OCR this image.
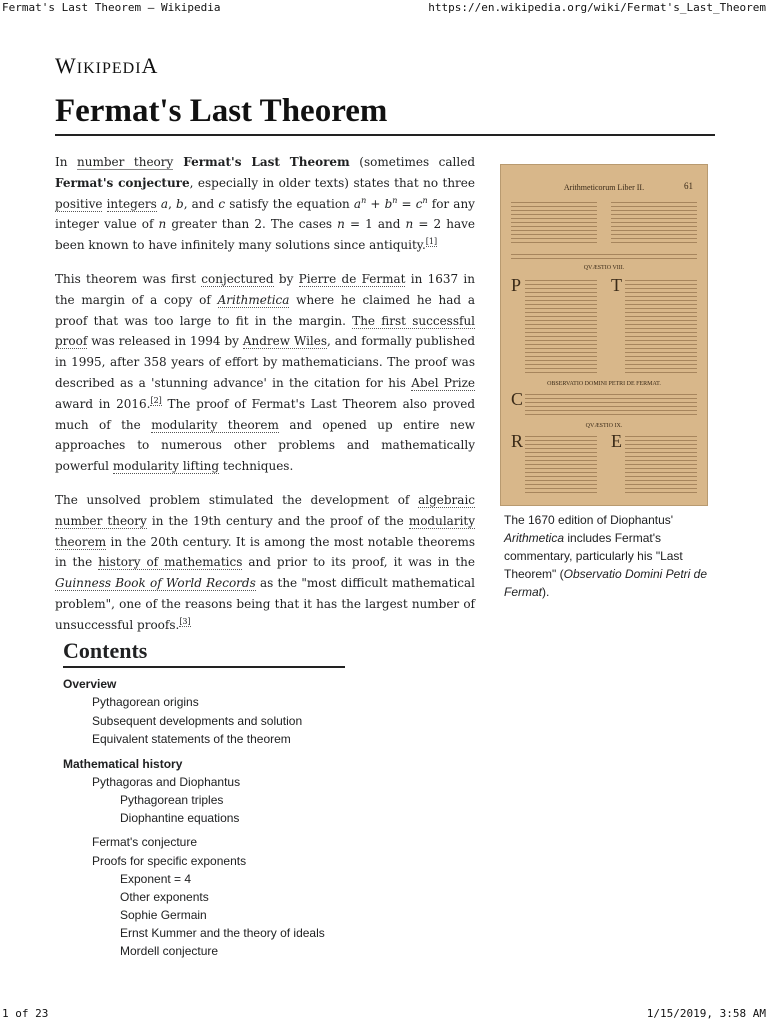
Fermat's Last Theorem – Wikipedia	https://en.wikipedia.org/wiki/Fermat's_Last_Theorem
WIKIPEDIA
Fermat's Last Theorem

In number theory Fermat's Last Theorem (sometimes called Fermat's conjecture, especially in older texts) states that no three positive integers a, b, and c satisfy the equation $a^n + b^n = c^n$ for any integer value of n greater than 2. The cases n = 1 and n = 2 have been known to have infinitely many solutions since antiquity.[1]

This theorem was first conjectured by Pierre de Fermat in 1637 in the margin of a copy of Arithmetica where he claimed he had a proof that was too large to fit in the margin. The first successful proof was released in 1994 by Andrew Wiles, and formally published in 1995, after 358 years of effort by mathematicians. The proof was described as a 'stunning advance' in the citation for his Abel Prize award in 2016.[2] The proof of Fermat's Last Theorem also proved much of the modularity theorem and opened up entire new approaches to numerous other problems and mathematically powerful modularity lifting techniques.

The unsolved problem stimulated the development of algebraic number theory in the 19th century and the proof of the modularity theorem in the 20th century. It is among the most notable theorems in the history of mathematics and prior to its proof, it was in the Guinness Book of World Records as the "most difficult mathematical problem", one of the reasons being that it has the largest number of unsuccessful proofs.[3]

Arithmeticorum Liber II.	61
QVÆSTIO VIII.
P	T
OBSERVATIO DOMINI PETRI DE FERMAT.
C
QVÆSTIO IX.
R	E
The 1670 edition of Diophantus' Arithmetica includes Fermat's commentary, particularly his "Last Theorem" (Observatio Domini Petri de Fermat).
Contents
Overview
Pythagorean origins
Subsequent developments and solution
Equivalent statements of the theorem
Mathematical history
Pythagoras and Diophantus
Pythagorean triples
Diophantine equations
Fermat's conjecture
Proofs for specific exponents
Exponent = 4
Other exponents
Sophie Germain
Ernst Kummer and the theory of ideals
Mordell conjecture
1 of 23	1/15/2019, 3:58 AM
